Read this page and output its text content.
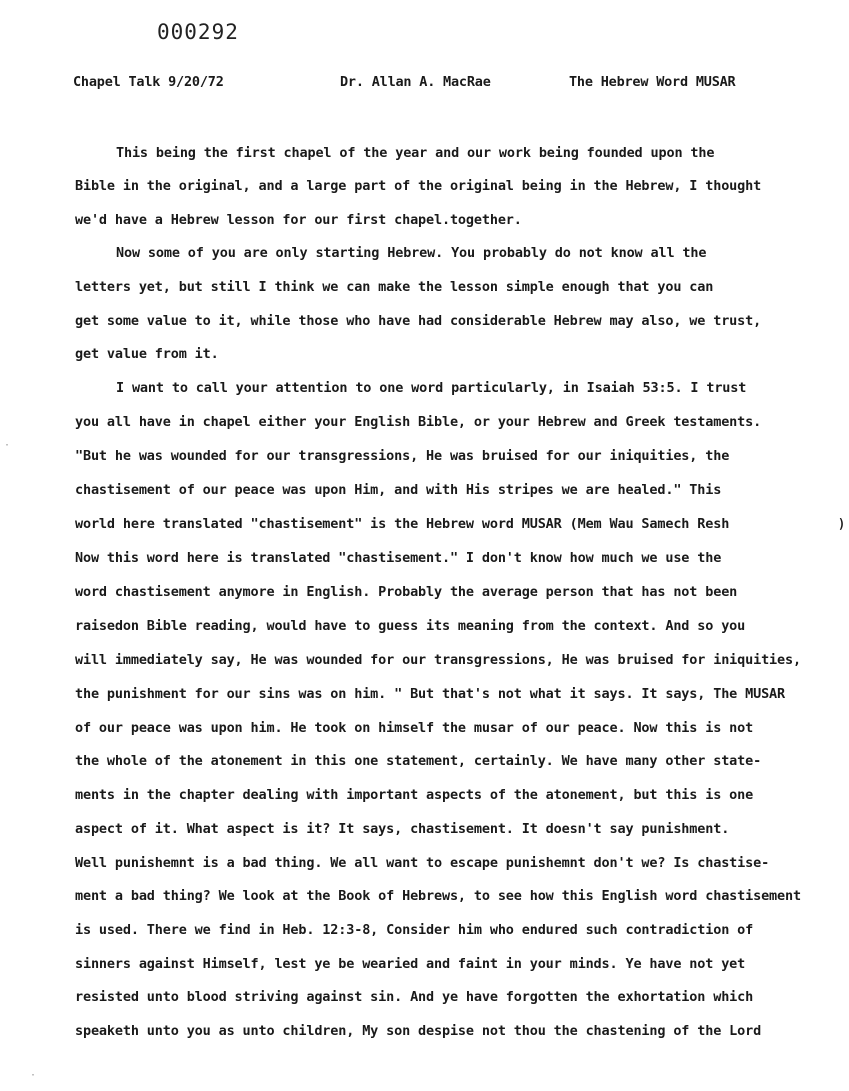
000292
Chapel Talk 9/20/72	Dr. Allan A. MacRae	The Hebrew Word MUSAR
This being the first chapel of the year and our work being founded upon the
Bible in the original, and a large part of the original being in the Hebrew, I thought
we'd have a Hebrew lesson for our first chapel.together.
Now some of you are only starting Hebrew. You probably do not know all the
letters yet, but still I think we can make the lesson simple enough that you can
get some value to it, while those who have had considerable Hebrew may also, we trust,
get value from it.
I want to call your attention to one word particularly, in Isaiah 53:5. I trust
you all have in chapel either your English Bible, or your Hebrew and Greek testaments.
"But he was wounded for our transgressions, He was bruised for our iniquities, the
chastisement of our peace was upon Him, and with His stripes we are healed." This
world here translated "chastisement" is the Hebrew word MUSAR (Mem Wau Samech Resh	)
Now this word here is translated "chastisement." I don't know how much we use the
word chastisement anymore in English. Probably the average person that has not been
raisedon Bible reading, would have to guess its meaning from the context. And so you
will immediately say, He was wounded for our transgressions, He was bruised for iniquities,
the punishment for our sins was on him. " But that's not what it says. It says, The MUSAR
of our peace was upon him. He took on himself the musar of our peace. Now this is not
the whole of the atonement in this one statement, certainly. We have many other state-
ments in the chapter dealing with important aspects of the atonement, but this is one
aspect of it. What aspect is it? It says, chastisement. It doesn't say punishment.
Well punishemnt is a bad thing. We all want to escape punishemnt don't we? Is chastise-
ment a bad thing? We look at the Book of Hebrews, to see how this English word chastisement
is used. There we find in Heb. 12:3-8, Consider him who endured such contradiction of
sinners against Himself, lest ye be wearied and faint in your minds. Ye have not yet
resisted unto blood striving against sin. And ye have forgotten the exhortation which
speaketh unto you as unto children, My son despise not thou the chastening of the Lord
·
·
